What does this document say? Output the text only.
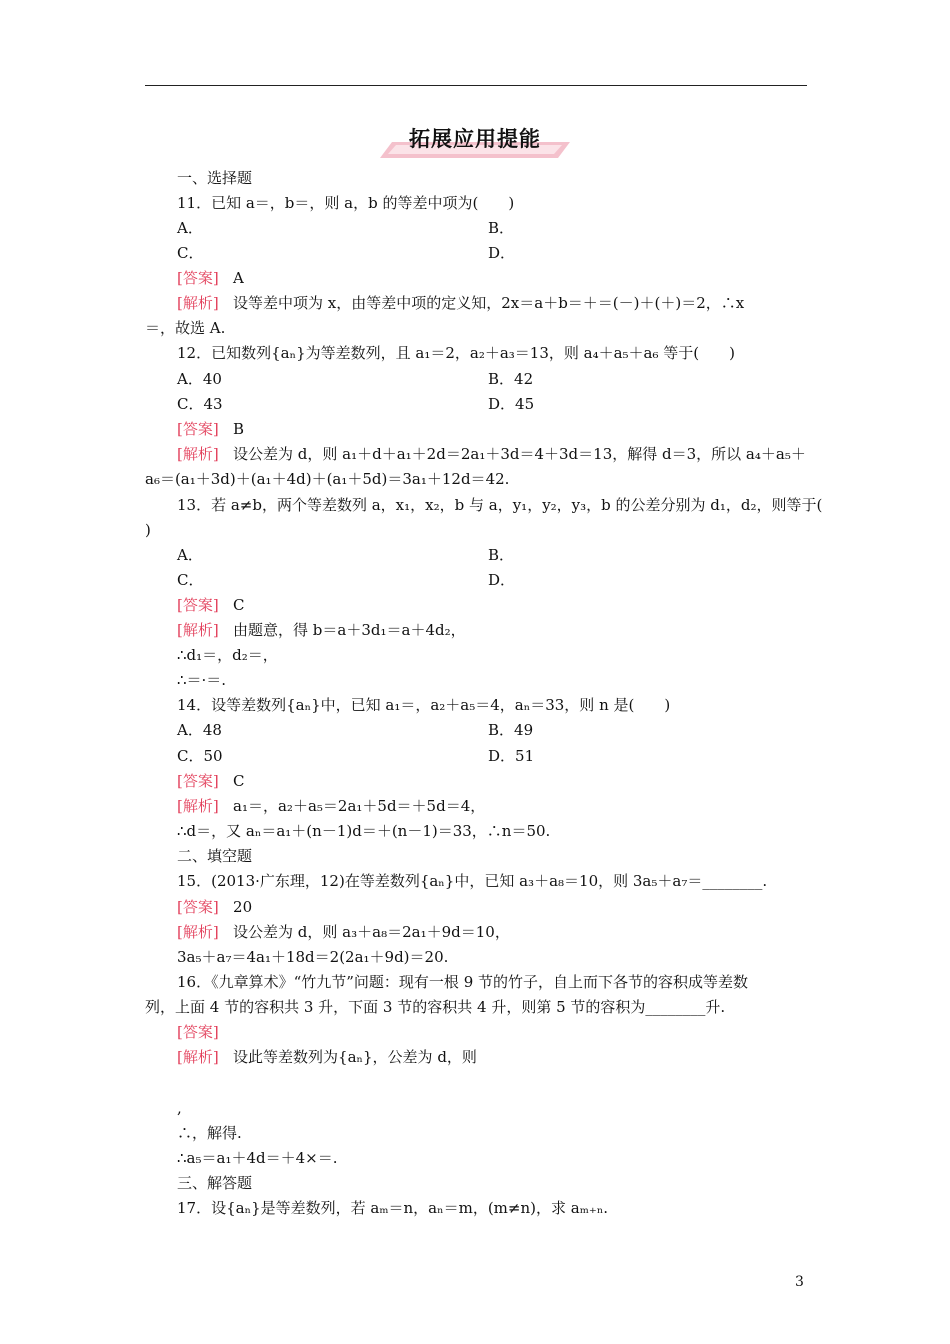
拓展应用提能
一、选择题
11．已知 a＝，b＝，则 a，b 的等差中项为(　　)
A．	B．
C．	D．
[答案] A
[解析] 设等差中项为 x，由等差中项的定义知，2x＝a＋b＝＋＝(－)＋(＋)＝2，∴x
＝，故选 A.
12．已知数列{aₙ}为等差数列，且 a₁＝2，a₂＋a₃＝13，则 a₄＋a₅＋a₆ 等于(　　)
A．40	B．42
C．43	D．45
[答案] B
[解析] 设公差为 d，则 a₁＋d＋a₁＋2d＝2a₁＋3d＝4＋3d＝13，解得 d＝3，所以 a₄＋a₅＋
a₆＝(a₁＋3d)＋(a₁＋4d)＋(a₁＋5d)＝3a₁＋12d＝42.
13．若 a≠b，两个等差数列 a，x₁，x₂，b 与 a，y₁，y₂，y₃，b 的公差分别为 d₁，d₂，则等于(
)
A．	B．
C．	D．
[答案] C
[解析] 由题意，得 b＝a＋3d₁＝a＋4d₂，
∴d₁＝，d₂＝，
∴＝·＝.
14．设等差数列{aₙ}中，已知 a₁＝，a₂＋a₅＝4，aₙ＝33，则 n 是(　　)
A．48	B．49
C．50	D．51
[答案] C
[解析] a₁＝，a₂＋a₅＝2a₁＋5d＝＋5d＝4，
∴d＝，又 aₙ＝a₁＋(n－1)d＝＋(n－1)＝33，∴n＝50.
二、填空题
15．(2013·广东理，12)在等差数列{aₙ}中，已知 a₃＋a₈＝10，则 3a₅＋a₇＝________.
[答案] 20
[解析] 设公差为 d，则 a₃＋a₈＝2a₁＋9d＝10，
3a₅＋a₇＝4a₁＋18d＝2(2a₁＋9d)＝20.
16．《九章算术》“竹九节”问题：现有一根 9 节的竹子，自上而下各节的容积成等差数
列，上面 4 节的容积共 3 升，下面 3 节的容积共 4 升，则第 5 节的容积为________升.
[答案]
[解析] 设此等差数列为{aₙ}，公差为 d，则
,
∴，解得.
∴a₅＝a₁＋4d＝＋4×＝.
三、解答题
17．设{aₙ}是等差数列，若 aₘ＝n，aₙ＝m，(m≠n)，求 aₘ₊ₙ.
3
